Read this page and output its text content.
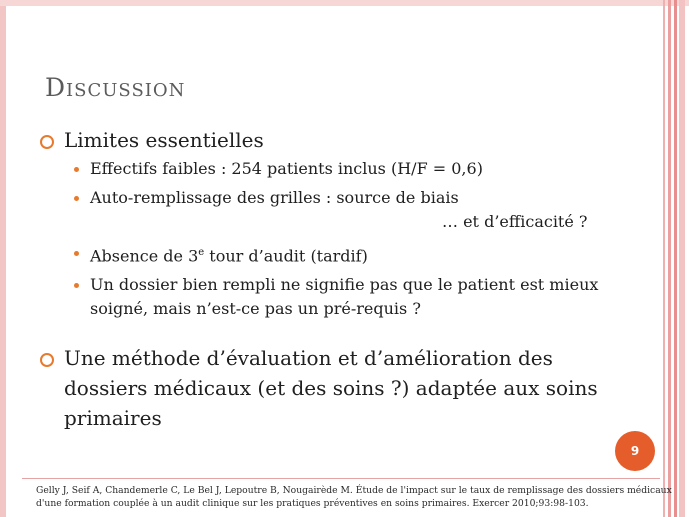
Discussion
Limites essentielles
Effectifs faibles : 254 patients inclus (H/F = 0,6)
Auto-remplissage des grilles : source de biais
… et d’efficacité ?
Absence de 3e tour d’audit (tardif)
Un dossier bien rempli ne signifie pas que le patient est mieux soigné, mais n’est-ce pas un pré-requis ?
Une méthode d’évaluation et d’amélioration des dossiers médicaux (et des soins ?) adaptée aux soins primaires
9
Gelly J, Seif A, Chandemerle C, Le Bel J, Lepoutre B, Nougairède M. Étude de l'impact sur le taux de remplissage des dossiers médicaux d'une formation couplée à un audit clinique sur les pratiques préventives en soins primaires. Exercer 2010;93:98-103.
